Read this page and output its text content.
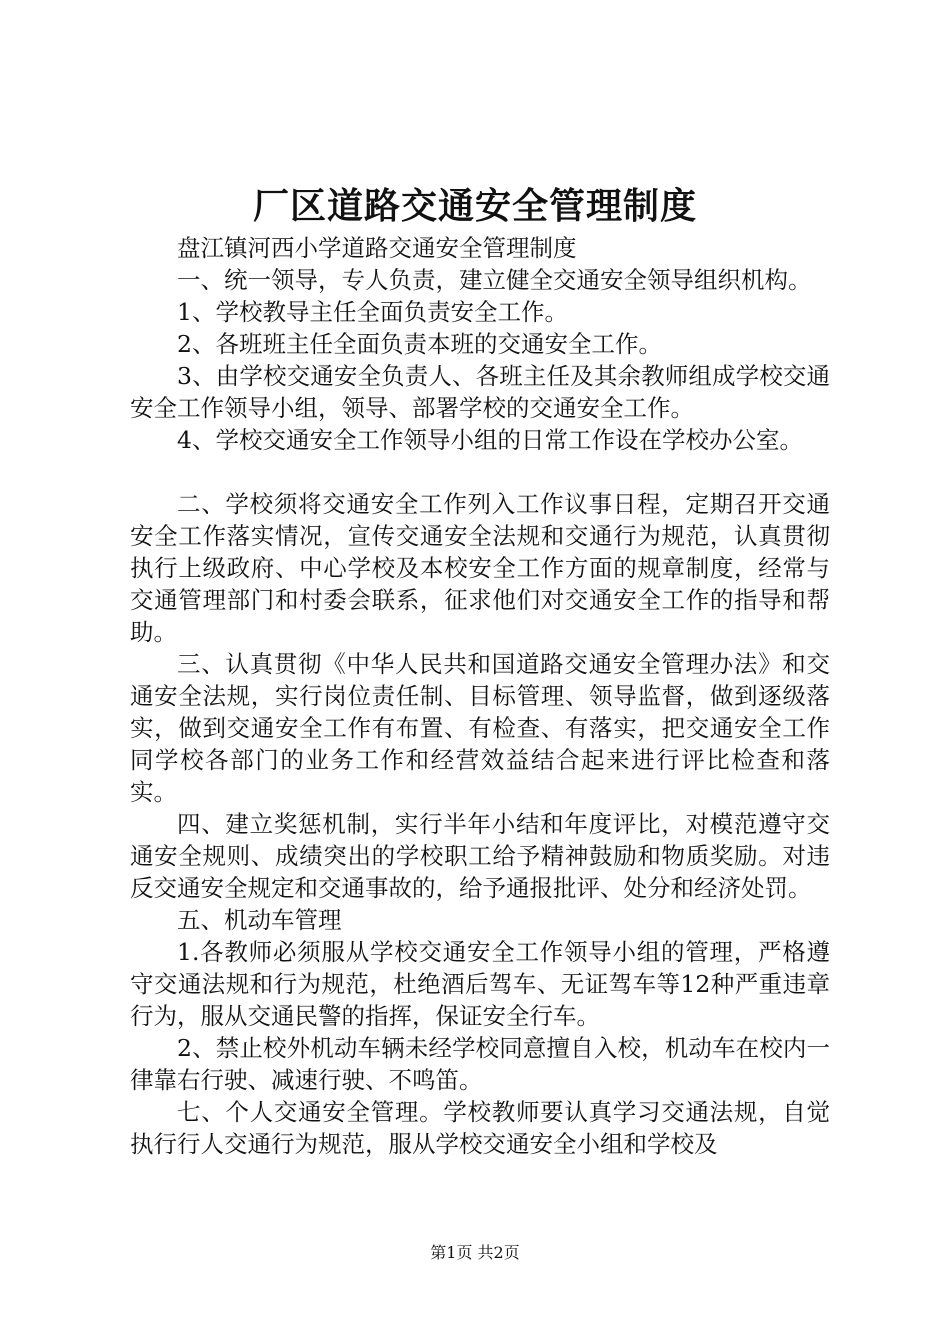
厂区道路交通安全管理制度

盘江镇河西小学道路交通安全管理制度

一、统一领导，专人负责，建立健全交通安全领导组织机构。

1、学校教导主任全面负责安全工作。

2、各班班主任全面负责本班的交通安全工作。

3、由学校交通安全负责人、各班主任及其余教师组成学校交通安全工作领导小组，领导、部署学校的交通安全工作。

4、学校交通安全工作领导小组的日常工作设在学校办公室。

二、学校须将交通安全工作列入工作议事日程，定期召开交通安全工作落实情况，宣传交通安全法规和交通行为规范，认真贯彻执行上级政府、中心学校及本校安全工作方面的规章制度，经常与交通管理部门和村委会联系，征求他们对交通安全工作的指导和帮助。

三、认真贯彻《中华人民共和国道路交通安全管理办法》和交通安全法规，实行岗位责任制、目标管理、领导监督，做到逐级落实，做到交通安全工作有布置、有检查、有落实，把交通安全工作同学校各部门的业务工作和经营效益结合起来进行评比检查和落实。

四、建立奖惩机制，实行半年小结和年度评比，对模范遵守交通安全规则、成绩突出的学校职工给予精神鼓励和物质奖励。对违反交通安全规定和交通事故的，给予通报批评、处分和经济处罚。

五、机动车管理

1.各教师必须服从学校交通安全工作领导小组的管理，严格遵守交通法规和行为规范，杜绝酒后驾车、无证驾车等12种严重违章行为，服从交通民警的指挥，保证安全行车。

2、禁止校外机动车辆未经学校同意擅自入校，机动车在校内一律靠右行驶、减速行驶、不鸣笛。

七、个人交通安全管理。学校教师要认真学习交通法规，自觉执行行人交通行为规范，服从学校交通安全小组和学校及

第1页 共2页
